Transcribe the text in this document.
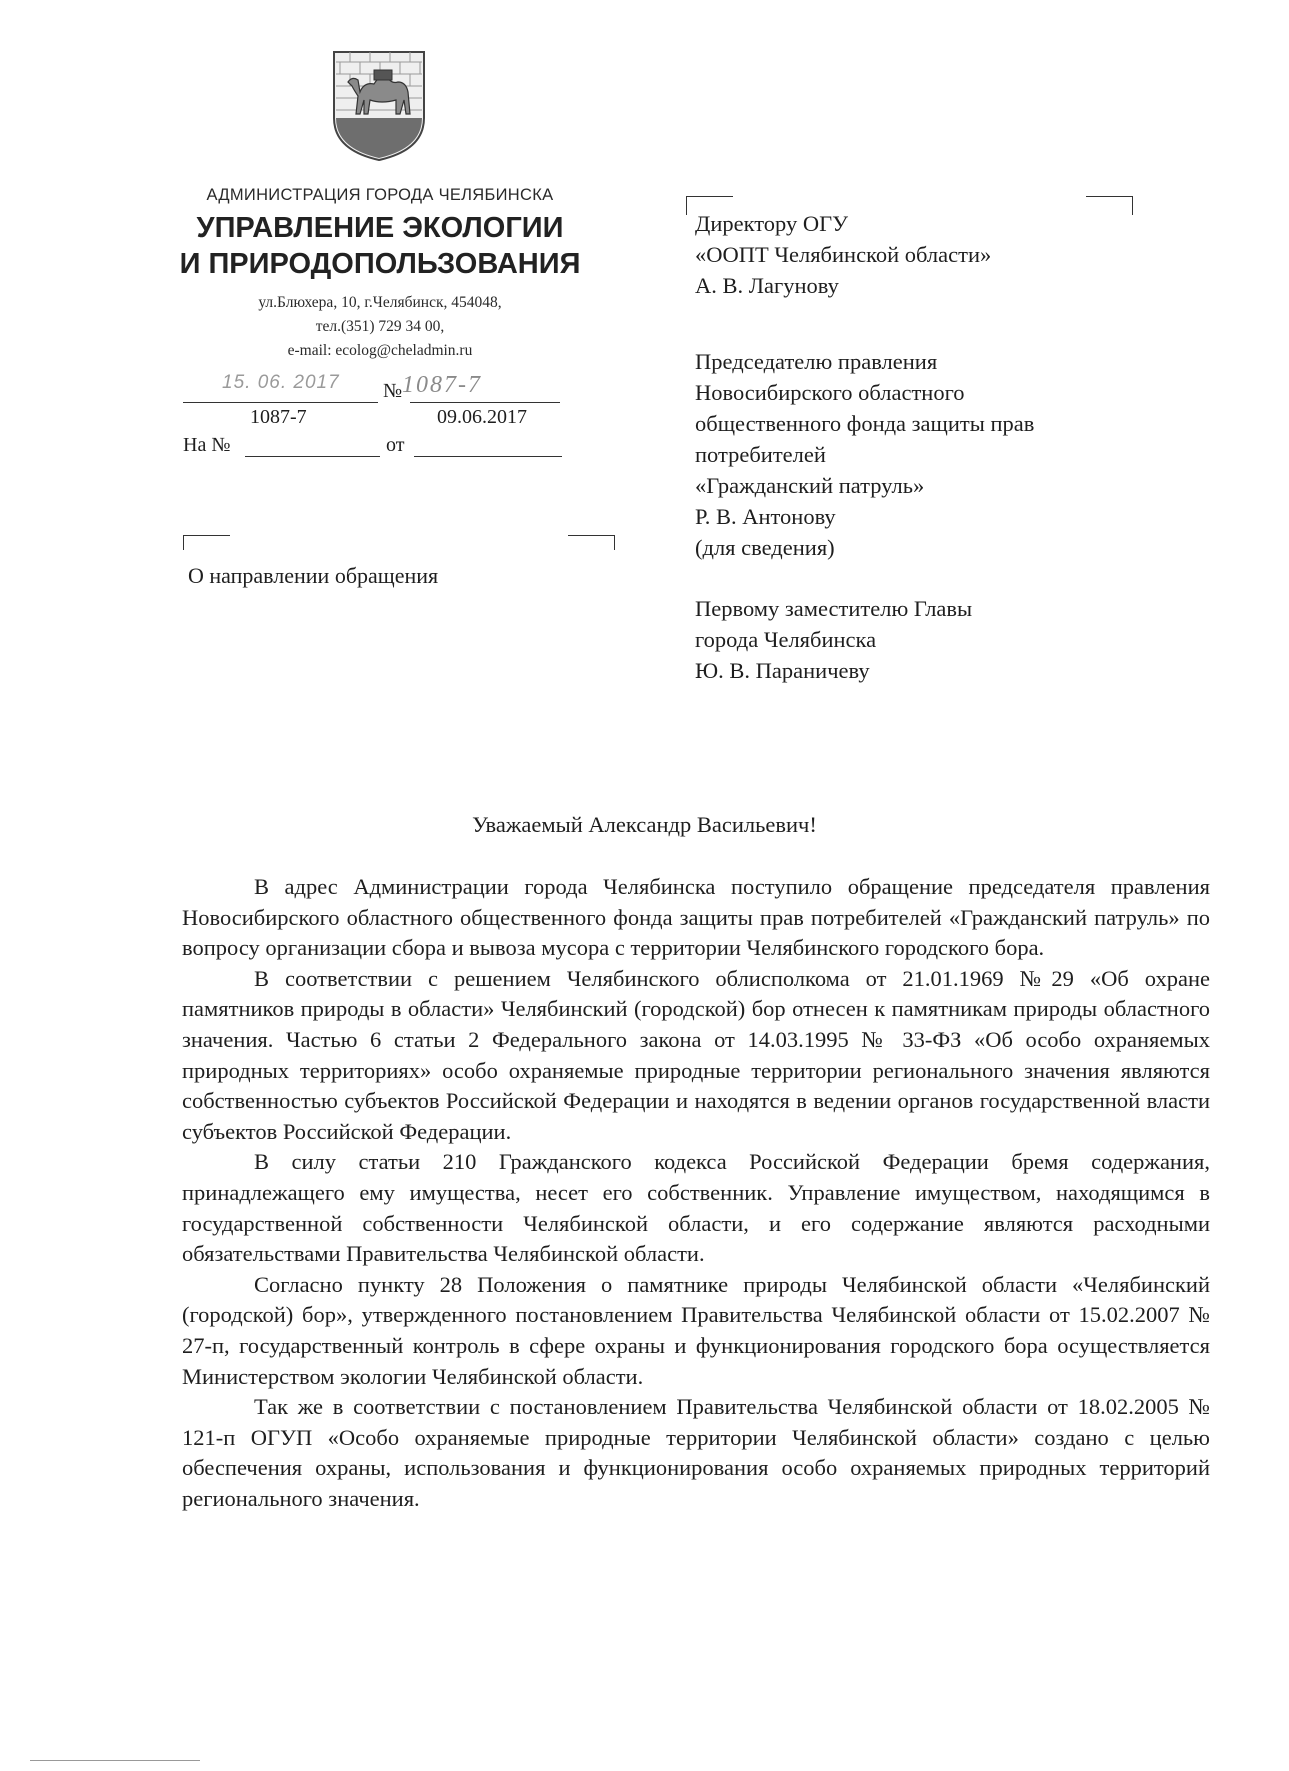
АДМИНИСТРАЦИЯ ГОРОДА ЧЕЛЯБИНСКА
УПРАВЛЕНИЕ ЭКОЛОГИИ
И ПРИРОДОПОЛЬЗОВАНИЯ
ул.Блюхера, 10, г.Челябинск, 454048,
тел.(351) 729 34 00,
e-mail: ecolog@cheladmin.ru
15. 06. 2017 № 1087-7
1087-7	09.06.2017
На №	от
О направлении обращения
Директору ОГУ
«ООПТ Челябинской области»
А. В. Лагунову
Председателю правления
Новосибирского областного
общественного фонда защиты прав
потребителей
«Гражданский патруль»
Р. В. Антонову
(для сведения)
Первому заместителю Главы
города Челябинска
Ю. В. Параничеву
Уважаемый Александр Васильевич!

В адрес Администрации города Челябинска поступило обращение председателя правления Новосибирского областного общественного фонда защиты прав потребителей «Гражданский патруль» по вопросу организации сбора и вывоза мусора с территории Челябинского городского бора.

В соответствии с решением Челябинского облисполкома от 21.01.1969 №29 «Об охране памятников природы в области» Челябинский (городской) бор отнесен к памятникам природы областного значения. Частью 6 статьи 2 Федерального закона от 14.03.1995 № 33-ФЗ «Об особо охраняемых природных территориях» особо охраняемые природные территории регионального значения являются собственностью субъектов Российской Федерации и находятся в ведении органов государственной власти субъектов Российской Федерации.

В силу статьи 210 Гражданского кодекса Российской Федерации бремя содержания, принадлежащего ему имущества, несет его собственник. Управление имуществом, находящимся в государственной собственности Челябинской области, и его содержание являются расходными обязательствами Правительства Челябинской области.

Согласно пункту 28 Положения о памятнике природы Челябинской области «Челябинский (городской) бор», утвержденного постановлением Правительства Челябинской области от 15.02.2007 № 27-п, государственный контроль в сфере охраны и функционирования городского бора осуществляется Министерством экологии Челябинской области.

Так же в соответствии с постановлением Правительства Челябинской области от 18.02.2005 № 121-п ОГУП «Особо охраняемые природные территории Челябинской области» создано с целью обеспечения охраны, использования и функционирования особо охраняемых природных территорий регионального значения.
